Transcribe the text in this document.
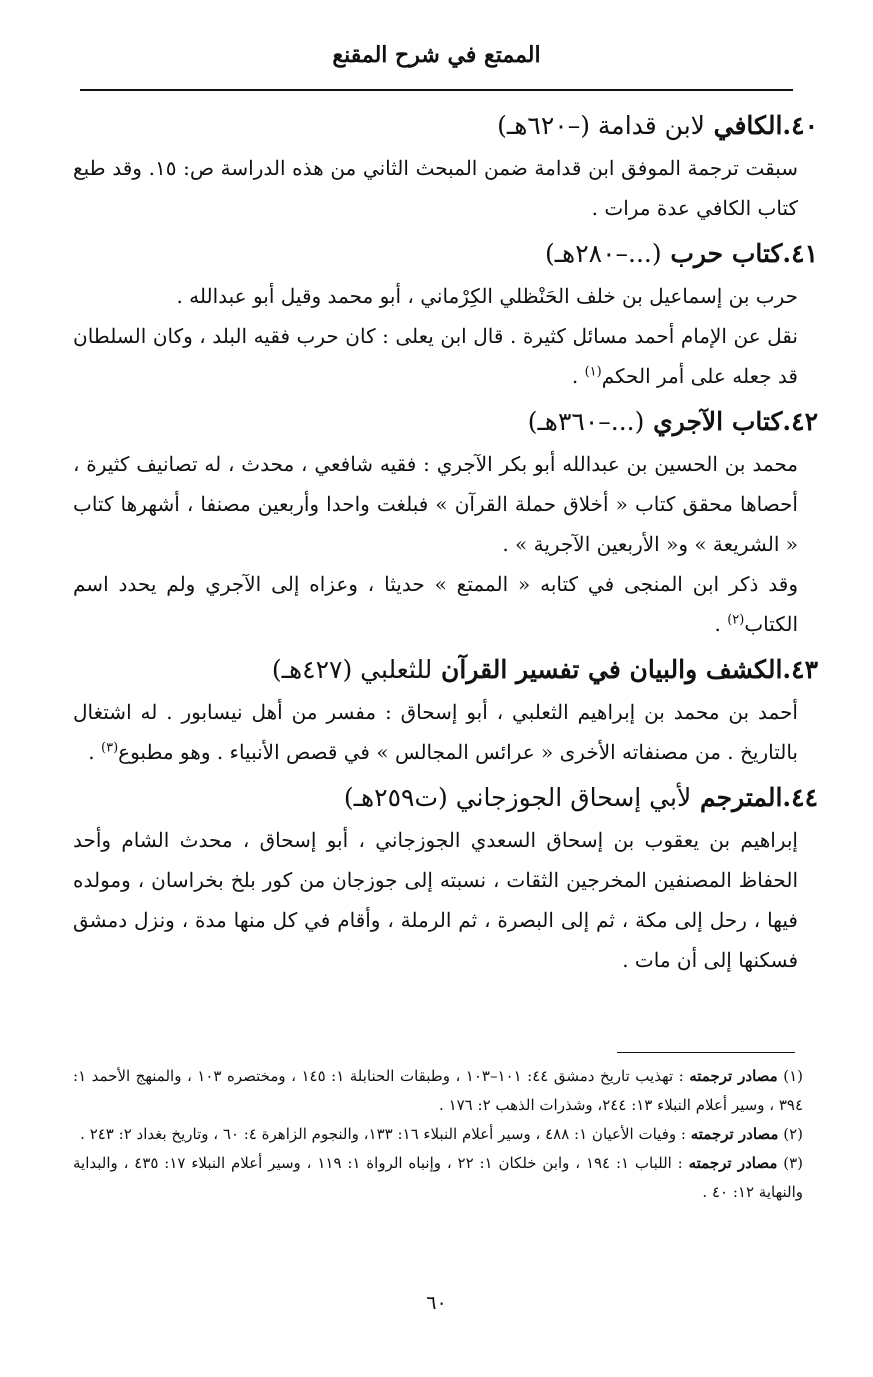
الممتع في شرح المقنع
٤٠.الكافي لابن قدامة (–٦٢٠هـ)

سبقت ترجمة الموفق ابن قدامة ضمن المبحث الثاني من هذه الدراسة ص: ١٥. وقد طبع كتاب الكافي عدة مرات .

٤١.كتاب حرب (...–٢٨٠هـ)

حرب بن إسماعيل بن خلف الحَنْظلي الكِرْماني ، أبو محمد وقيل أبو عبدالله .

نقل عن الإمام أحمد مسائل كثيرة . قال ابن يعلى : كان حرب فقيه البلد ، وكان السلطان قد جعله على أمر الحكم$^{(١)}$ .

٤٢.كتاب الآجري (...–٣٦٠هـ)

محمد بن الحسين بن عبدالله أبو بكر الآجري : فقيه شافعي ، محدث ، له تصانيف كثيرة ، أحصاها محقق كتاب « أخلاق حملة القرآن » فبلغت واحدا وأربعين مصنفا ، أشهرها كتاب « الشريعة » و« الأربعين الآجرية » .

وقد ذكر ابن المنجى في كتابه « الممتع » حديثا ، وعزاه إلى الآجري ولم يحدد اسم الكتاب$^{(٢)}$ .

٤٣.الكشف والبيان في تفسير القرآن للثعلبي (٤٢٧هـ)

أحمد بن محمد بن إبراهيم الثعلبي ، أبو إسحاق : مفسر من أهل نيسابور . له اشتغال بالتاريخ . من مصنفاته الأخرى « عرائس المجالس » في قصص الأنبياء . وهو مطبوع$^{(٣)}$ .

٤٤.المترجم لأبي إسحاق الجوزجاني (ت٢٥٩هـ)

إبراهيم بن يعقوب بن إسحاق السعدي الجوزجاني ، أبو إسحاق ، محدث الشام وأحد الحفاظ المصنفين المخرجين الثقات ، نسبته إلى جوزجان من كور بلخ بخراسان ، ومولده فيها ، رحل إلى مكة ، ثم إلى البصرة ، ثم الرملة ، وأقام في كل منها مدة ، ونزل دمشق فسكنها إلى أن مات .

(١) مصادر ترجمته : تهذيب تاريخ دمشق ٤٤: ١٠١–١٠٣ ، وطبقات الحنابلة ١: ١٤٥ ، ومختصره ١٠٣ ، والمنهج الأحمد ١: ٣٩٤ ، وسير أعلام النبلاء ١٣: ٢٤٤، وشذرات الذهب ٢: ١٧٦ .

(٢) مصادر ترجمته : وفيات الأعيان ١: ٤٨٨ ، وسير أعلام النبلاء ١٦: ١٣٣، والنجوم الزاهرة ٤: ٦٠ ، وتاريخ بغداد ٢: ٢٤٣ .

(٣) مصادر ترجمته : اللباب ١: ١٩٤ ، وابن خلكان ١: ٢٢ ، وإنباه الرواة ١: ١١٩ ، وسير أعلام النبلاء ١٧: ٤٣٥ ، والبداية والنهاية ١٢: ٤٠ .

٦٠
